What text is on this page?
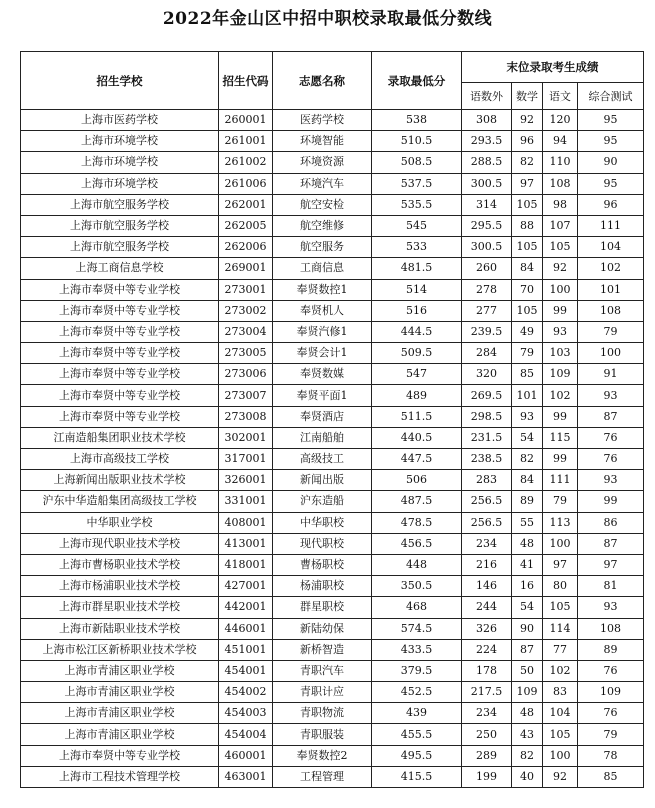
2022年金山区中招中职校录取最低分数线
招生学校	招生代码	志愿名称	录取最低分	末位录取考生成绩			
				语数外	数学	语文	综合测试
上海市医药学校	260001	医药学校	538	308	92	120	95
上海市环境学校	261001	环境智能	510.5	293.5	96	94	95
上海市环境学校	261002	环境资源	508.5	288.5	82	110	90
上海市环境学校	261006	环境汽车	537.5	300.5	97	108	95
上海市航空服务学校	262001	航空安检	535.5	314	105	98	96
上海市航空服务学校	262005	航空维修	545	295.5	88	107	111
上海市航空服务学校	262006	航空服务	533	300.5	105	105	104
上海工商信息学校	269001	工商信息	481.5	260	84	92	102
上海市奉贤中等专业学校	273001	奉贤数控1	514	278	70	100	101
上海市奉贤中等专业学校	273002	奉贤机人	516	277	105	99	108
上海市奉贤中等专业学校	273004	奉贤汽修1	444.5	239.5	49	93	79
上海市奉贤中等专业学校	273005	奉贤会计1	509.5	284	79	103	100
上海市奉贤中等专业学校	273006	奉贤数媒	547	320	85	109	91
上海市奉贤中等专业学校	273007	奉贤平面1	489	269.5	101	102	93
上海市奉贤中等专业学校	273008	奉贤酒店	511.5	298.5	93	99	87
江南造船集团职业技术学校	302001	江南船舶	440.5	231.5	54	115	76
上海市高级技工学校	317001	高级技工	447.5	238.5	82	99	76
上海新闻出版职业技术学校	326001	新闻出版	506	283	84	111	93
沪东中华造船集团高级技工学校	331001	沪东造船	487.5	256.5	89	79	99
中华职业学校	408001	中华职校	478.5	256.5	55	113	86
上海市现代职业技术学校	413001	现代职校	456.5	234	48	100	87
上海市曹杨职业技术学校	418001	曹杨职校	448	216	41	97	97
上海市杨浦职业技术学校	427001	杨浦职校	350.5	146	16	80	81
上海市群星职业技术学校	442001	群星职校	468	244	54	105	93
上海市新陆职业技术学校	446001	新陆幼保	574.5	326	90	114	108
上海市松江区新桥职业技术学校	451001	新桥智造	433.5	224	87	77	89
上海市青浦区职业学校	454001	青职汽车	379.5	178	50	102	76
上海市青浦区职业学校	454002	青职计应	452.5	217.5	109	83	109
上海市青浦区职业学校	454003	青职物流	439	234	48	104	76
上海市青浦区职业学校	454004	青职服装	455.5	250	43	105	79
上海市奉贤中等专业学校	460001	奉贤数控2	495.5	289	82	100	78
上海市工程技术管理学校	463001	工程管理	415.5	199	40	92	85
